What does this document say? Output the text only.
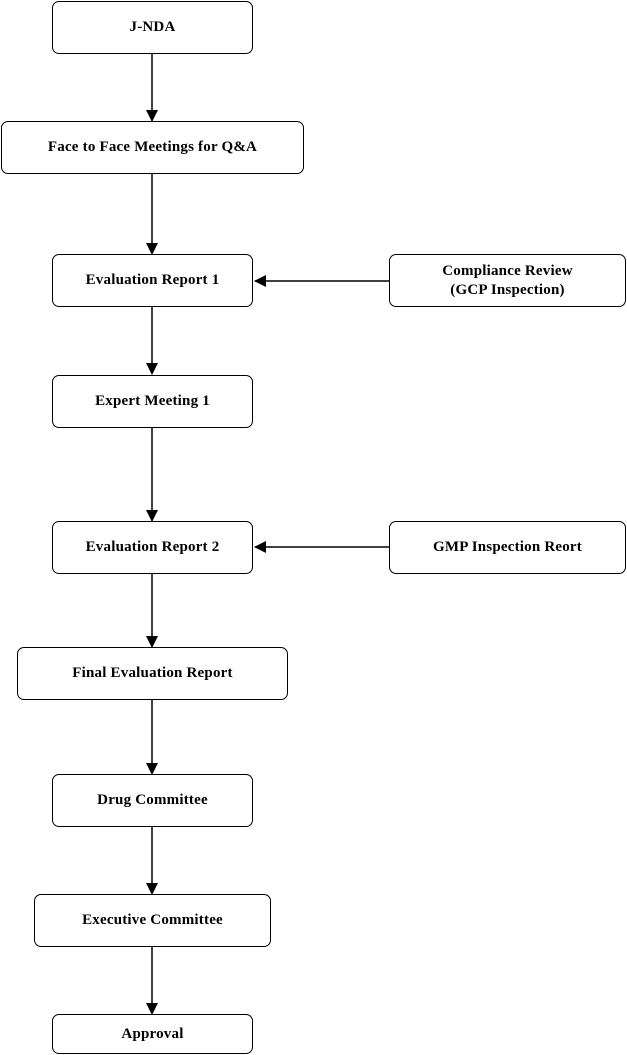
J-NDA
Face to Face Meetings for Q&A
Evaluation Report 1
Compliance Review
(GCP Inspection)
Expert Meeting 1
Evaluation Report 2	GMP Inspection Reort
Final Evaluation Report
Drug Committee
Executive Committee
Approval
